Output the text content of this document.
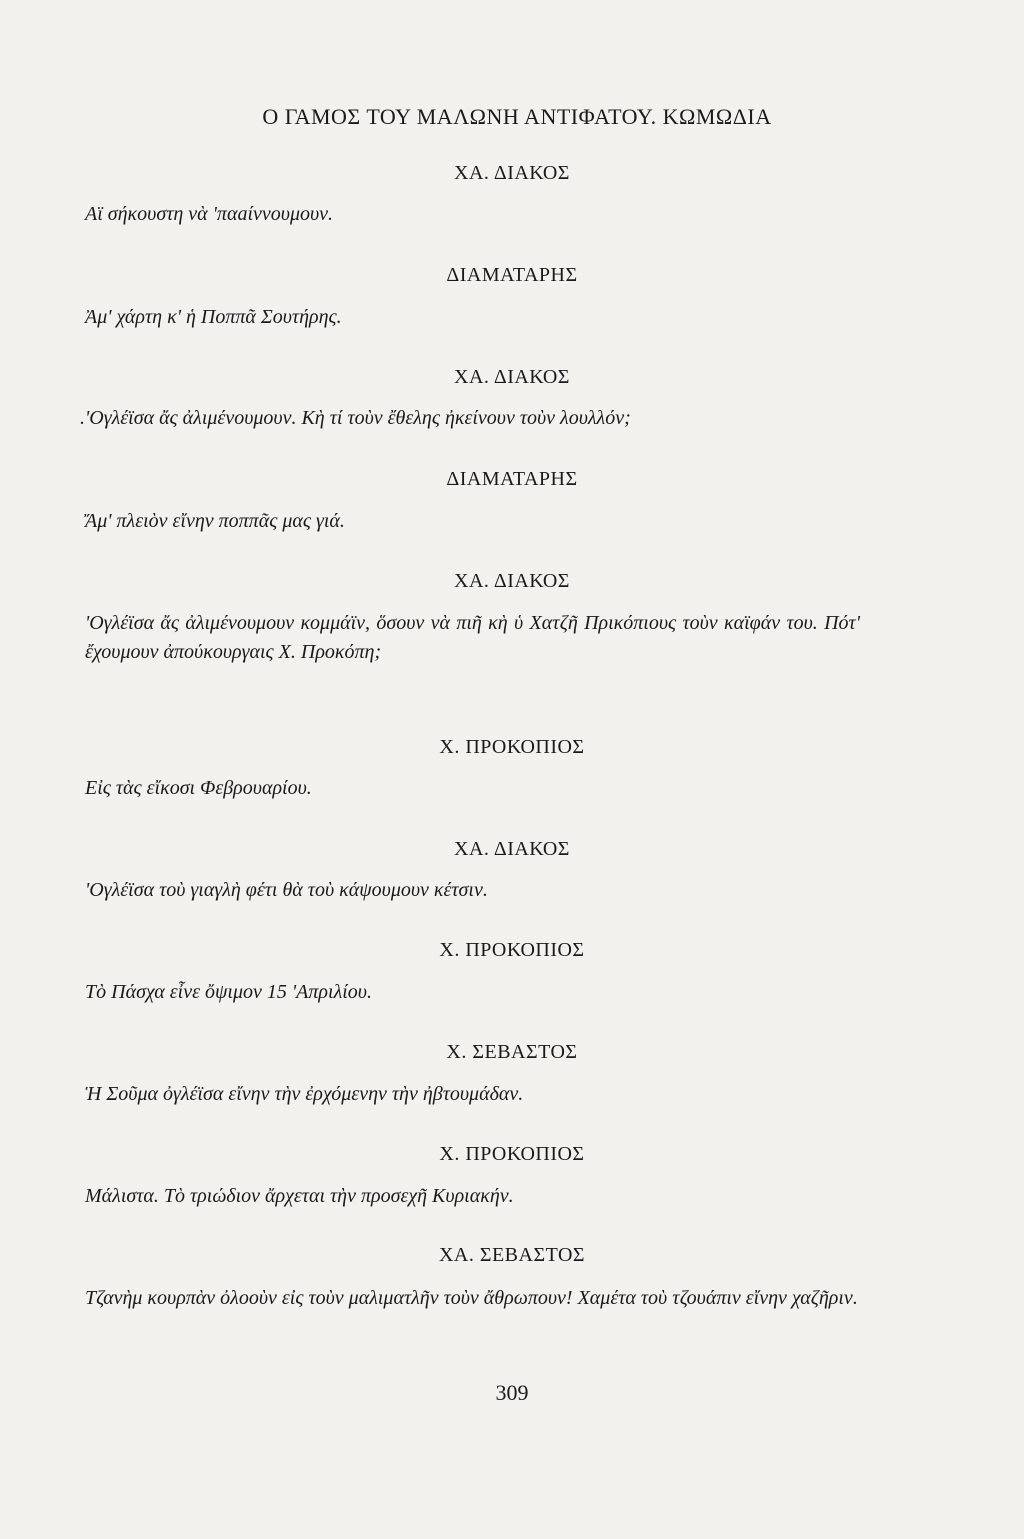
Ο ΓΑΜΟΣ ΤΟΥ ΜΑΛΩΝΗ ΑΝΤΙΦΑΤΟΥ. ΚΩΜΩΔΙΑ
ΧΑ. ΔΙΑΚΟΣ
Αϊ σήκουστη νὰ 'παaίννουμουν.
ΔΙΑΜΑΤΑΡΗΣ
Ἀμ' χάρτη κ' ἡ Ποππᾶ Σουτήρης.
ΧΑ. ΔΙΑΚΟΣ
.'Ογλέϊσα ἄς ἀλιμένουμουν. Κὴ τί τοὺν ἔθελης ἠκείνουν τοὺν λουλλόν;
ΔΙΑΜΑΤΑΡΗΣ
Ἄμ' πλειὸν εἴνην ποππᾶς μας γιά.
ΧΑ. ΔΙΑΚΟΣ
'Ογλέϊσα ἄς ἀλιμένουμουν κομμάϊν, ὅσουν νὰ πιῆ κὴ ὑ Χατζῆ Πρικόπιους τοὺν καϊφάν του. Πότ' ἔχουμουν ἀπούκουργαις Χ. Προκόπη;
Χ. ΠΡΟΚΟΠΙΟΣ
Εἰς τὰς εἴκοσι Φεβρουαρίου.
ΧΑ. ΔΙΑΚΟΣ
'Ογλέϊσα τοὺ γιαγλὴ φέτι θὰ τοὺ κάψουμουν κέτσιν.
Χ. ΠΡΟΚΟΠΙΟΣ
Τὸ Πάσχα εἶνε ὄψιμον 15 'Απριλίου.
Χ. ΣΕΒΑΣΤΟΣ
Ἡ Σοῦμα ὀγλέϊσα εἴνην τὴν ἐρχόμενην τὴν ἠβτουμάδαν.
Χ. ΠΡΟΚΟΠΙΟΣ
Μάλιστα. Τὸ τριώδιον ἄρχεται τὴν προσεχῆ Κυριακήν.
ΧΑ. ΣΕΒΑΣΤΟΣ
Τζανὴμ κουρπὰν ὀλοοὺν εἰς τοὺν μαλιματλῆν τοὺν ἄθρωπουν! Χαμέτα τοὺ τζουάπιν εἴνην χαζῆριν.
309
